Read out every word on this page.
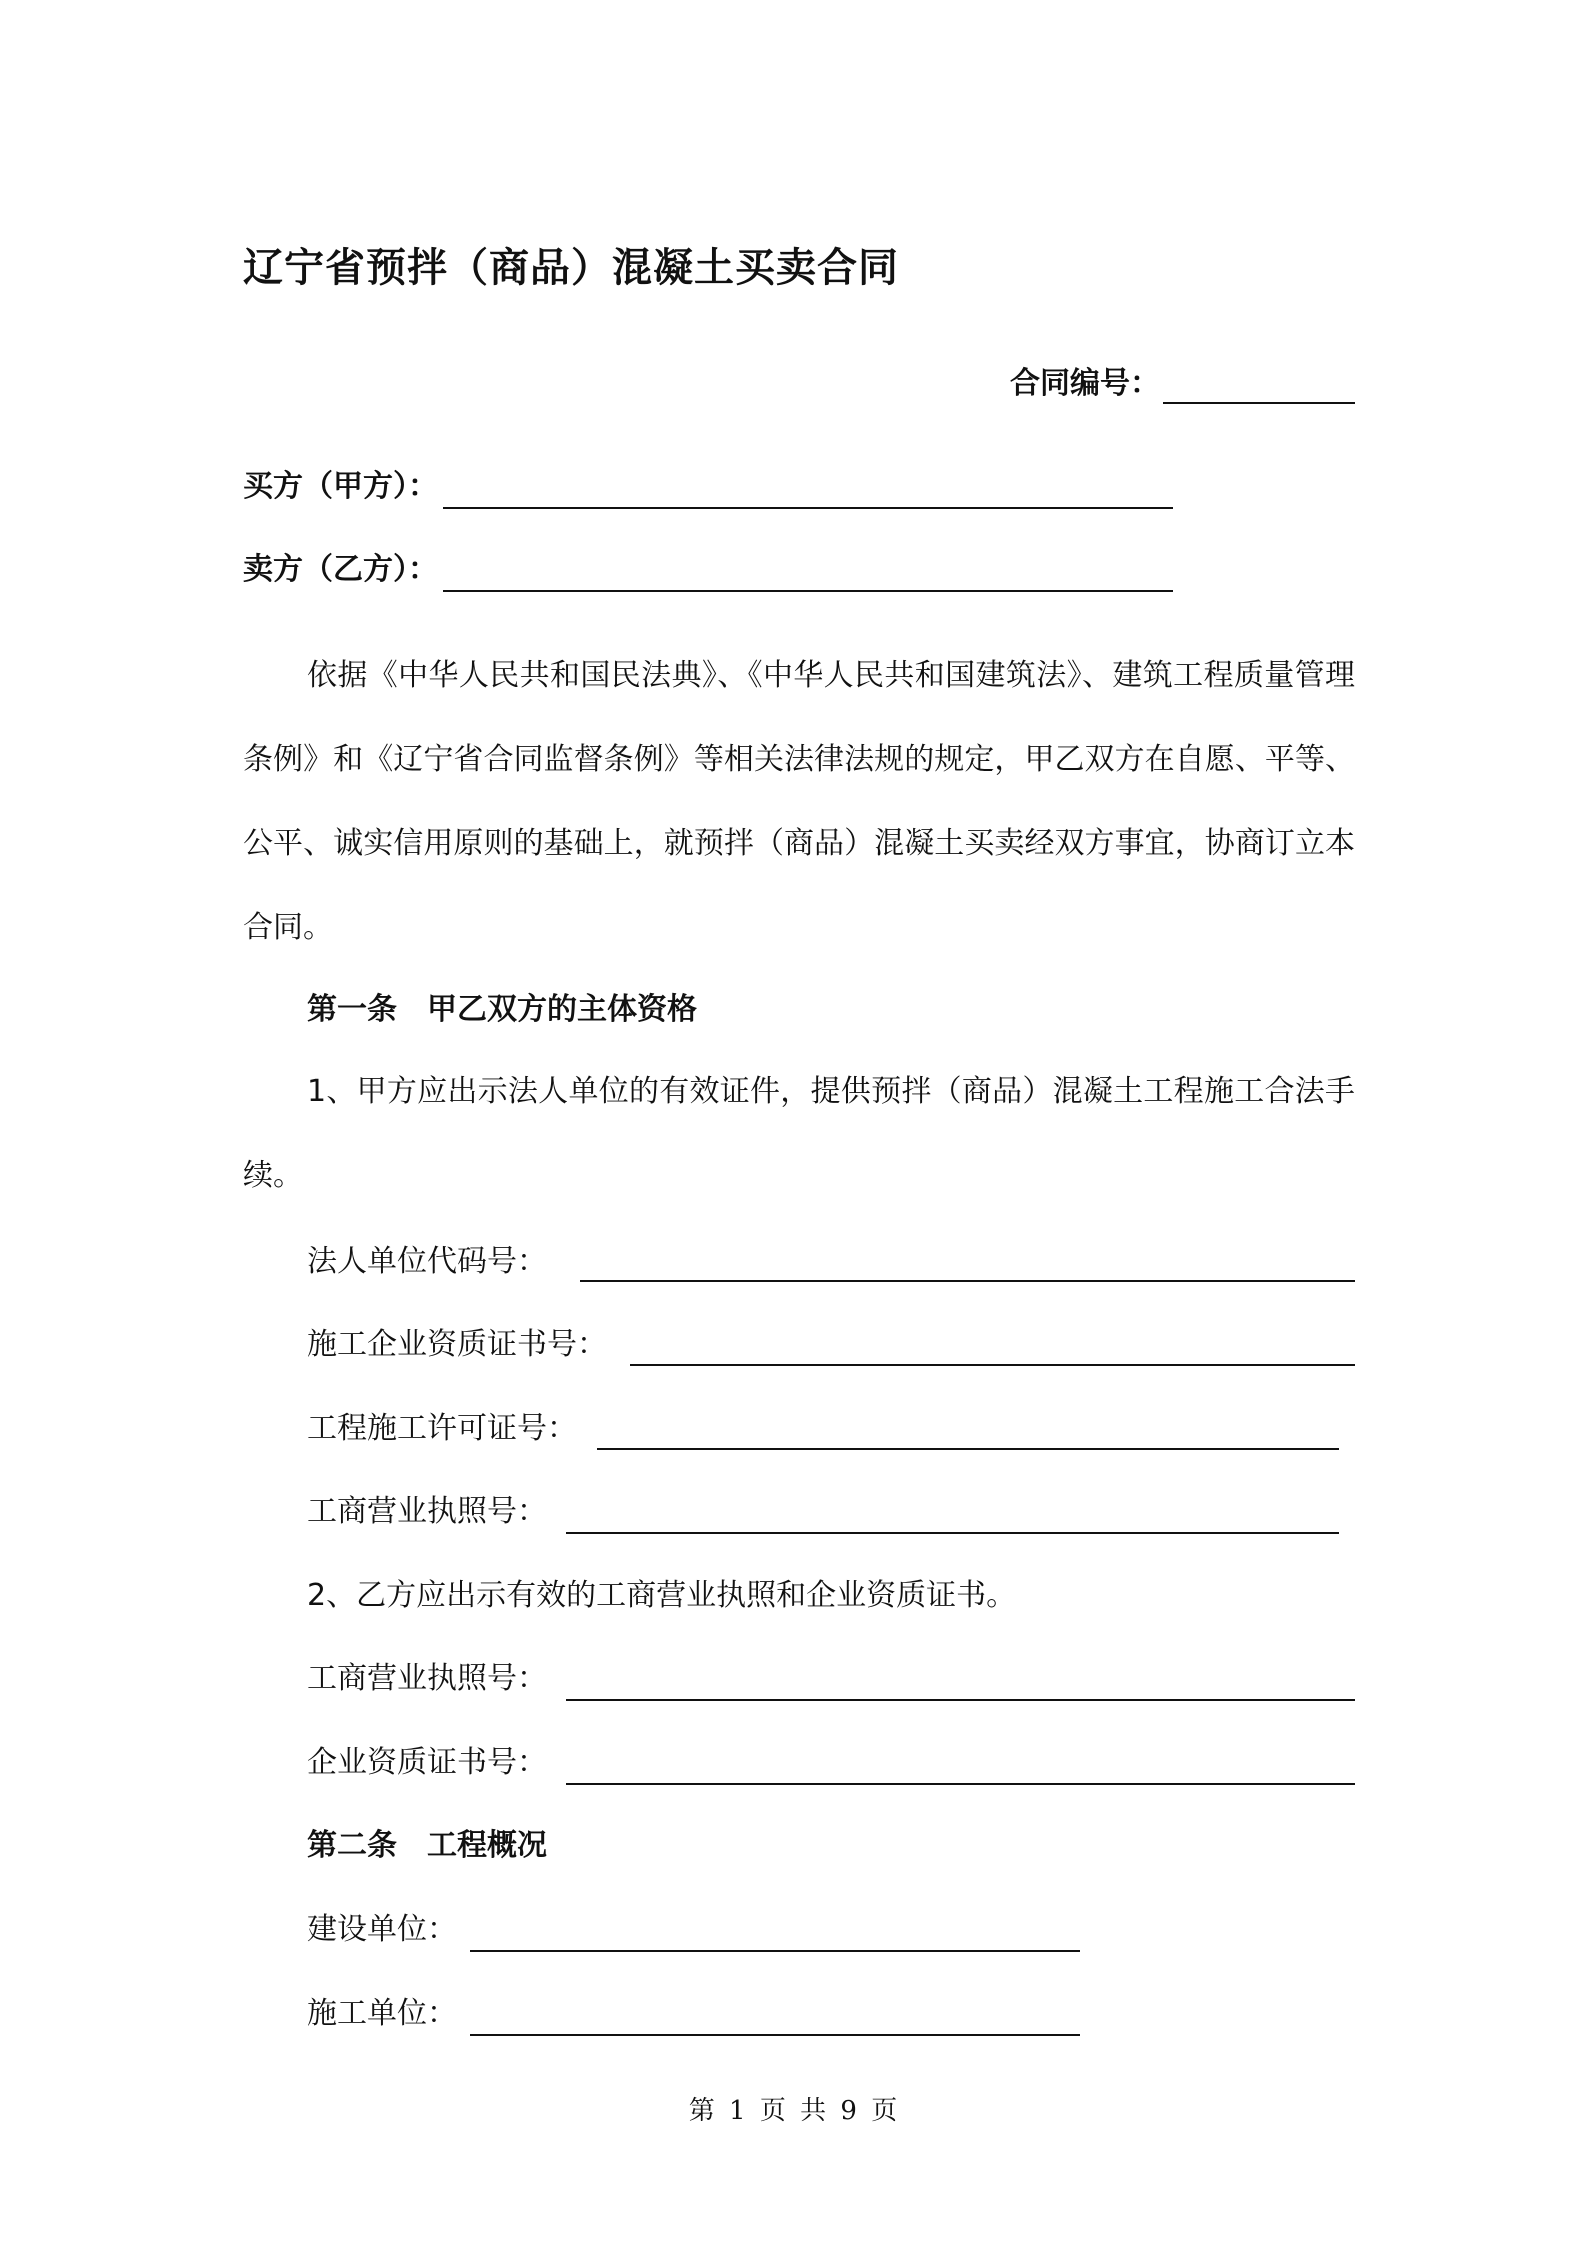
辽宁省预拌（商品）混凝土买卖合同
合同编号：
买方（甲方）：
卖方（乙方）：
依据《中华人民共和国民法典》、《中华人民共和国建筑法》、建筑工程质量管理条例》和《辽宁省合同监督条例》等相关法律法规的规定，甲乙双方在自愿、平等、公平、诚实信用原则的基础上，就预拌（商品）混凝土买卖经双方事宜，协商订立本合同。
第一条　甲乙双方的主体资格
1、甲方应出示法人单位的有效证件，提供预拌（商品）混凝土工程施工合法手续。
法人单位代码号：
施工企业资质证书号：
工程施工许可证号：
工商营业执照号：
2、乙方应出示有效的工商营业执照和企业资质证书。
工商营业执照号：
企业资质证书号：
第二条　工程概况
建设单位：
施工单位：
第 1 页 共 9 页
